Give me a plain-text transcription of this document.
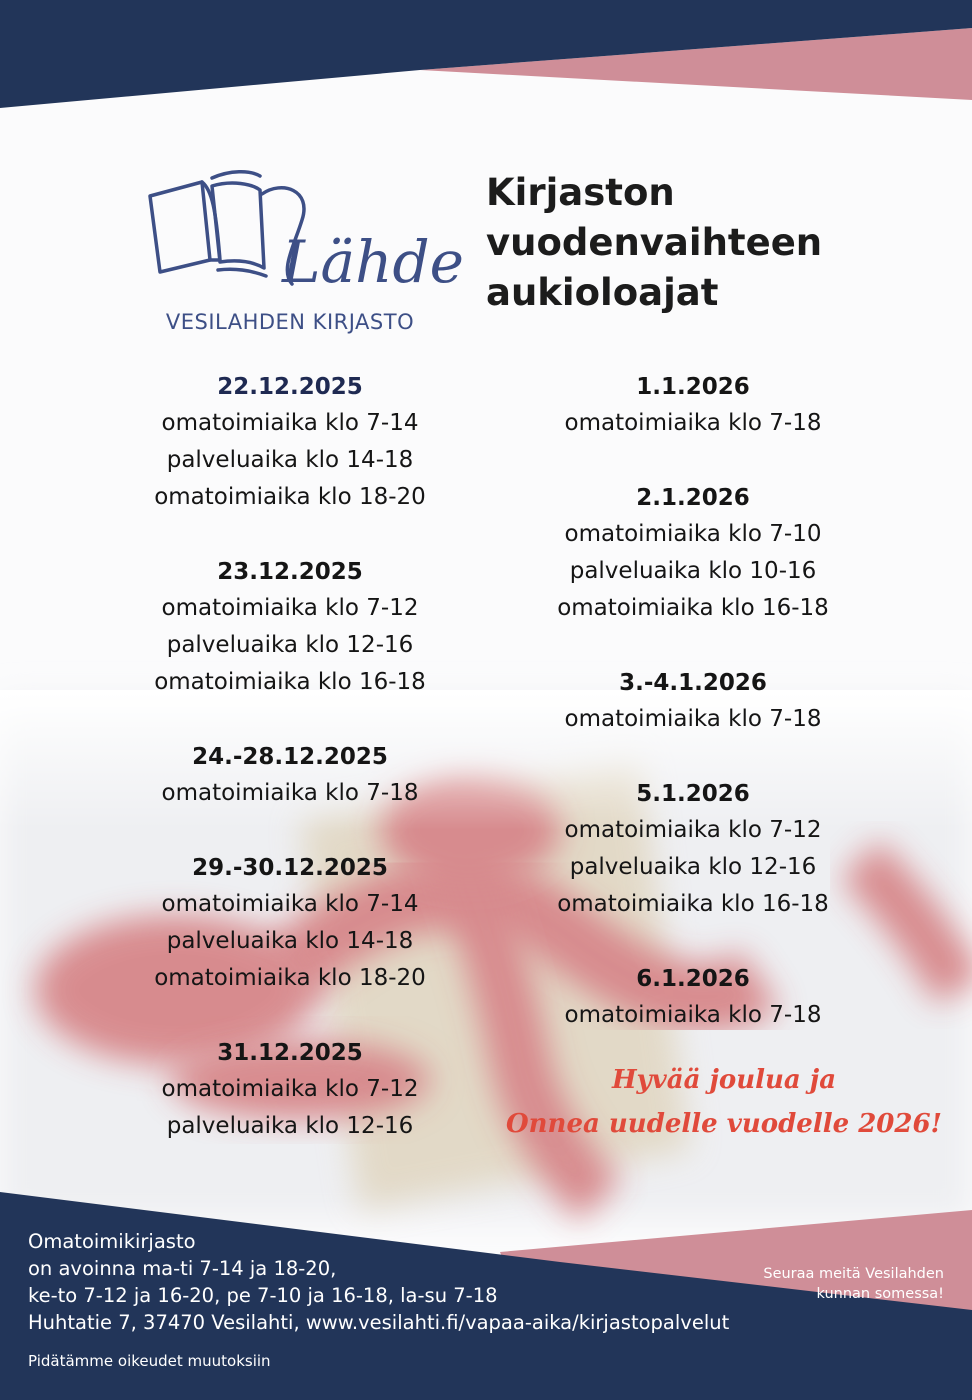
Lähde
VESILAHDEN KIRJASTO
Kirjaston
vuodenvaihteen
aukioloajat
22.12.2025
omatoimiaika klo 7-14
palveluaika klo 14-18
omatoimiaika klo 18-20
23.12.2025
omatoimiaika klo 7-12
palveluaika klo 12-16
omatoimiaika klo 16-18
24.-28.12.2025
omatoimiaika klo 7-18
29.-30.12.2025
omatoimiaika klo 7-14
palveluaika klo 14-18
omatoimiaika klo 18-20
31.12.2025
omatoimiaika klo 7-12
palveluaika klo 12-16
1.1.2026
omatoimiaika klo 7-18
2.1.2026
omatoimiaika klo 7-10
palveluaika klo 10-16
omatoimiaika klo 16-18
3.-4.1.2026
omatoimiaika klo 7-18
5.1.2026
omatoimiaika klo 7-12
palveluaika klo 12-16
omatoimiaika klo 16-18
6.1.2026
omatoimiaika klo 7-18
Hyvää joulua ja
Onnea uudelle vuodelle 2026!
Omatoimikirjasto
on avoinna ma-ti 7-14 ja 18-20,
ke-to 7-12 ja 16-20, pe 7-10 ja 16-18, la-su 7-18
Huhtatie 7, 37470 Vesilahti, www.vesilahti.fi/vapaa-aika/kirjastopalvelut
Pidätämme oikeudet muutoksiin
Seuraa meitä Vesilahden
kunnan somessa!
